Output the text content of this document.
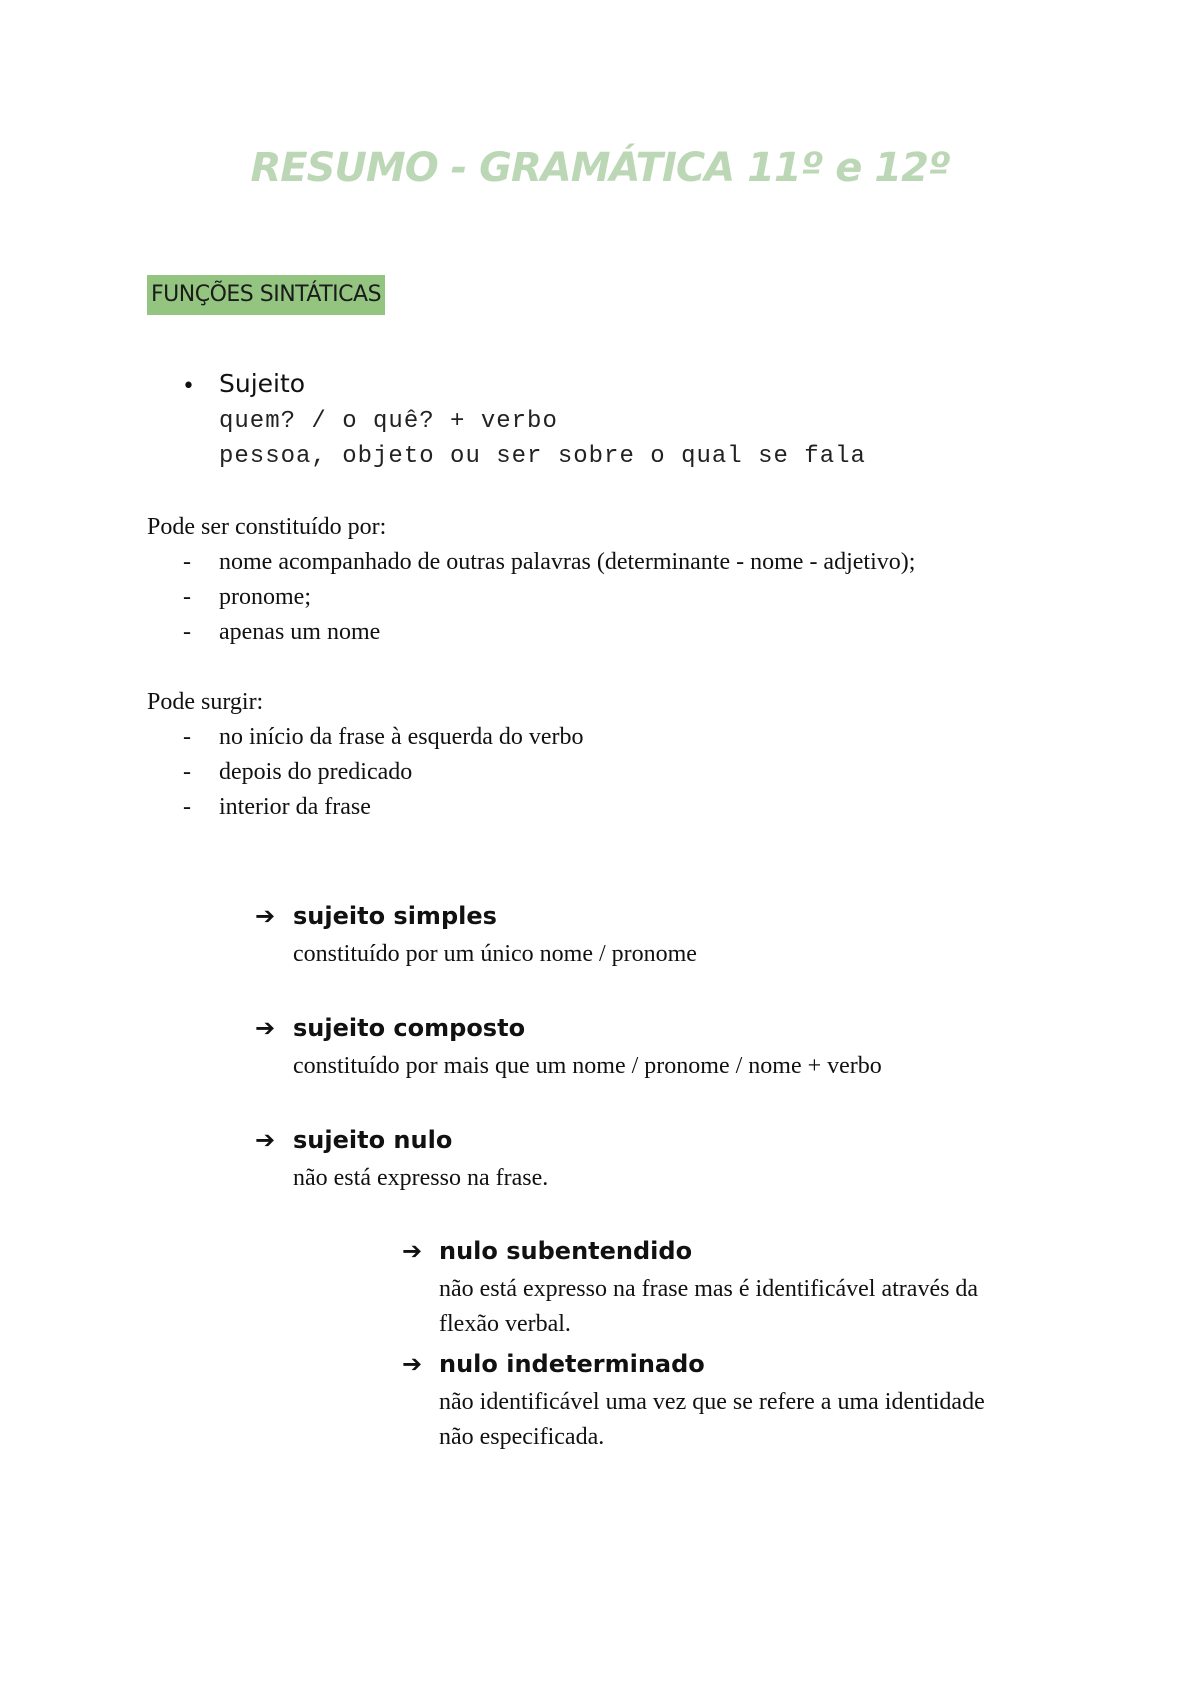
RESUMO - GRAMÁTICA 11º e 12º
FUNÇÕES SINTÁTICAS
• Sujeito
quem? / o quê? + verbo
pessoa, objeto ou ser sobre o qual se fala
Pode ser constituído por:
- nome acompanhado de outras palavras (determinante - nome - adjetivo);
- pronome;
- apenas um nome
Pode surgir:
- no início da frase à esquerda do verbo
- depois do predicado
- interior da frase
➔ sujeito simples
constituído por um único nome / pronome
➔ sujeito composto
constituído por mais que um nome / pronome / nome + verbo
➔ sujeito nulo
não está expresso na frase.
➔ nulo subentendido
não está expresso na frase mas é identificável através da
flexão verbal.
➔ nulo indeterminado
não identificável uma vez que se refere a uma identidade
não especificada.
